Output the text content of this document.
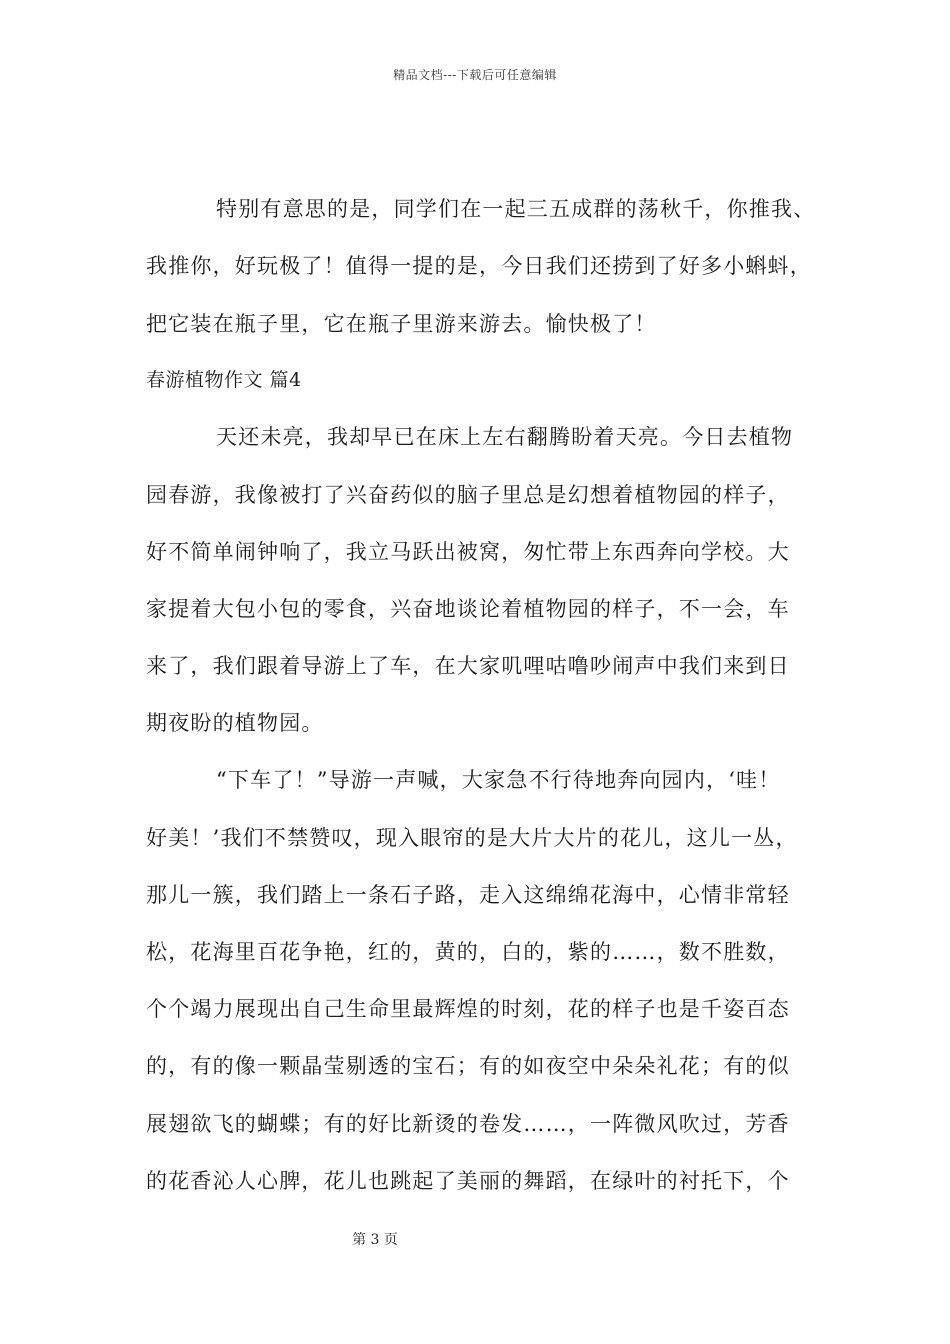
精品文档---下载后可任意编辑
特别有意思的是，同学们在一起三五成群的荡秋千，你推我、
我推你，好玩极了！值得一提的是，今日我们还捞到了好多小蝌蚪，
把它装在瓶子里，它在瓶子里游来游去。愉快极了！
春游植物作文 篇4
天还未亮，我却早已在床上左右翻腾盼着天亮。今日去植物
园春游，我像被打了兴奋药似的脑子里总是幻想着植物园的样子，
好不简单闹钟响了，我立马跃出被窝，匆忙带上东西奔向学校。大
家提着大包小包的零食，兴奋地谈论着植物园的样子，不一会，车
来了，我们跟着导游上了车，在大家叽哩咕噜吵闹声中我们来到日
期夜盼的植物园。
“下车了！”导游一声喊，大家急不行待地奔向园内，‘哇！
好美！’我们不禁赞叹，现入眼帘的是大片大片的花儿，这儿一丛，
那儿一簇，我们踏上一条石子路，走入这绵绵花海中，心情非常轻
松，花海里百花争艳，红的，黄的，白的，紫的……，数不胜数，
个个竭力展现出自己生命里最辉煌的时刻，花的样子也是千姿百态
的，有的像一颗晶莹剔透的宝石；有的如夜空中朵朵礼花；有的似
展翅欲飞的蝴蝶；有的好比新烫的卷发……，一阵微风吹过，芳香
的花香沁人心脾，花儿也跳起了美丽的舞蹈，在绿叶的衬托下，个
第 3 页
